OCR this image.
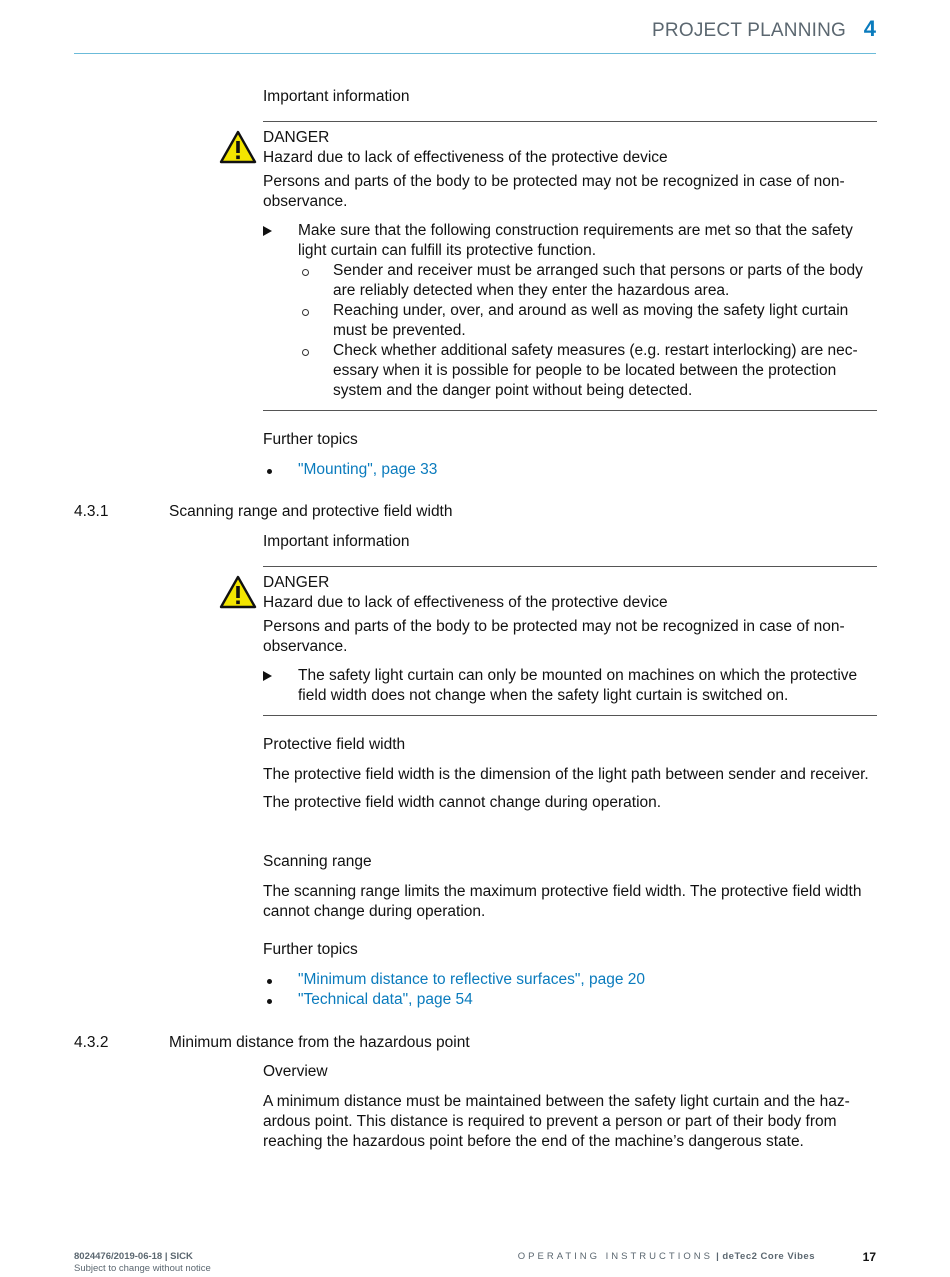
PROJECT PLANNING 4

Important information

DANGER
Hazard due to lack of effectiveness of the protective device
Persons and parts of the body to be protected may not be recognized in case of non-observance.
Make sure that the following construction requirements are met so that the safety light curtain can fulfill its protective function.
Sender and receiver must be arranged such that persons or parts of the body are reliably detected when they enter the hazardous area.
Reaching under, over, and around as well as moving the safety light curtain must be prevented.
Check whether additional safety measures (e.g. restart interlocking) are nec-essary when it is possible for people to be located between the protection system and the danger point without being detected.

Further topics

"Mounting", page 33
4.3.1	Scanning range and protective field width

Important information

DANGER
Hazard due to lack of effectiveness of the protective device
Persons and parts of the body to be protected may not be recognized in case of non-observance.
The safety light curtain can only be mounted on machines on which the protective field width does not change when the safety light curtain is switched on.

Protective field width

The protective field width is the dimension of the light path between sender and receiver.

The protective field width cannot change during operation.

Scanning range

The scanning range limits the maximum protective field width. The protective field width cannot change during operation.

Further topics

"Minimum distance to reflective surfaces", page 20
"Technical data", page 54
4.3.2	Minimum distance from the hazardous point

Overview

A minimum distance must be maintained between the safety light curtain and the haz-ardous point. This distance is required to prevent a person or part of their body from reaching the hazardous point before the end of the machine’s dangerous state.

8024476/2019-06-18 | SICK
Subject to change without notice
OPERATING INSTRUCTIONS | deTec2 Core Vibes	17
